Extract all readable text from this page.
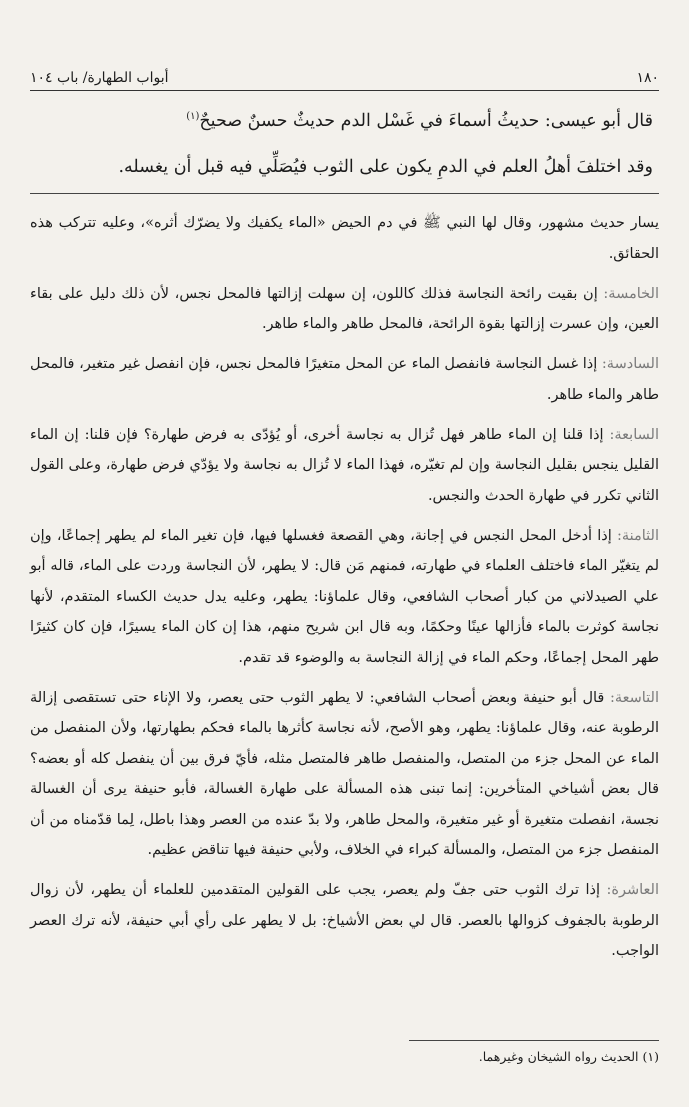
١٨٠
أبواب الطهارة/ باب ١٠٤

قال أبو عيسى: حديثُ أسماءَ في غَسْل الدم حديثٌ حسنٌ صحيحٌ$^{(١)}$

وقد اختلفَ أهلُ العلم في الدمِ يكون على الثوب فيُصَلِّي فيه قبل أن يغسله.

يسار حديث مشهور، وقال لها النبي ﷺ في دم الحيض «الماء يكفيك ولا يضرّك أثره»، وعليه تتركب هذه الحقائق.

الخامسة: إن بقيت رائحة النجاسة فذلك كاللون، إن سهلت إزالتها فالمحل نجس، لأن ذلك دليل على بقاء العين، وإن عسرت إزالتها بقوة الرائحة، فالمحل طاهر والماء طاهر.

السادسة: إذا غسل النجاسة فانفصل الماء عن المحل متغيرًا فالمحل نجس، فإن انفصل غير متغير، فالمحل طاهر والماء طاهر.

السابعة: إذا قلنا إن الماء طاهر فهل تُزال به نجاسة أخرى، أو يُؤدّى به فرض طهارة؟ فإن قلنا: إن الماء القليل ينجس بقليل النجاسة وإن لم تغيّره، فهذا الماء لا تُزال به نجاسة ولا يؤدّي فرض طهارة، وعلى القول الثاني تكرر في طهارة الحدث والنجس.

الثامنة: إذا أدخل المحل النجس في إجانة، وهي القصعة فغسلها فيها، فإن تغير الماء لم يطهر إجماعًا، وإن لم يتغيّر الماء فاختلف العلماء في طهارته، فمنهم مَن قال: لا يطهر، لأن النجاسة وردت على الماء، قاله أبو علي الصيدلاني من كبار أصحاب الشافعي، وقال علماؤنا: يطهر، وعليه يدل حديث الكساء المتقدم، لأنها نجاسة كوثرت بالماء فأزالها عينًا وحكمًا، وبه قال ابن شريح منهم، هذا إن كان الماء يسيرًا، فإن كان كثيرًا طهر المحل إجماعًا، وحكم الماء في إزالة النجاسة به والوضوء قد تقدم.

التاسعة: قال أبو حنيفة وبعض أصحاب الشافعي: لا يطهر الثوب حتى يعصر، ولا الإناء حتى تستقصى إزالة الرطوبة عنه، وقال علماؤنا: يطهر، وهو الأصح، لأنه نجاسة كأثرها بالماء فحكم بطهارتها، ولأن المنفصل من الماء عن المحل جزء من المتصل، والمنفصل طاهر فالمتصل مثله، فأيّ فرق بين أن ينفصل كله أو بعضه؟ قال بعض أشياخي المتأخرين: إنما تبنى هذه المسألة على طهارة الغسالة، فأبو حنيفة يرى أن الغسالة نجسة، انفصلت متغيرة أو غير متغيرة، والمحل طاهر، ولا بدّ عنده من العصر وهذا باطل، لِما قدّمناه من أن المنفصل جزء من المتصل، والمسألة كبراء في الخلاف، ولأبي حنيفة فيها تناقض عظيم.

العاشرة: إذا ترك الثوب حتى جفّ ولم يعصر، يجب على القولين المتقدمين للعلماء أن يطهر، لأن زوال الرطوبة بالجفوف كزوالها بالعصر. قال لي بعض الأشياخ: بل لا يطهر على رأي أبي حنيفة، لأنه ترك العصر الواجب.

(١) الحديث رواه الشيخان وغيرهما.
